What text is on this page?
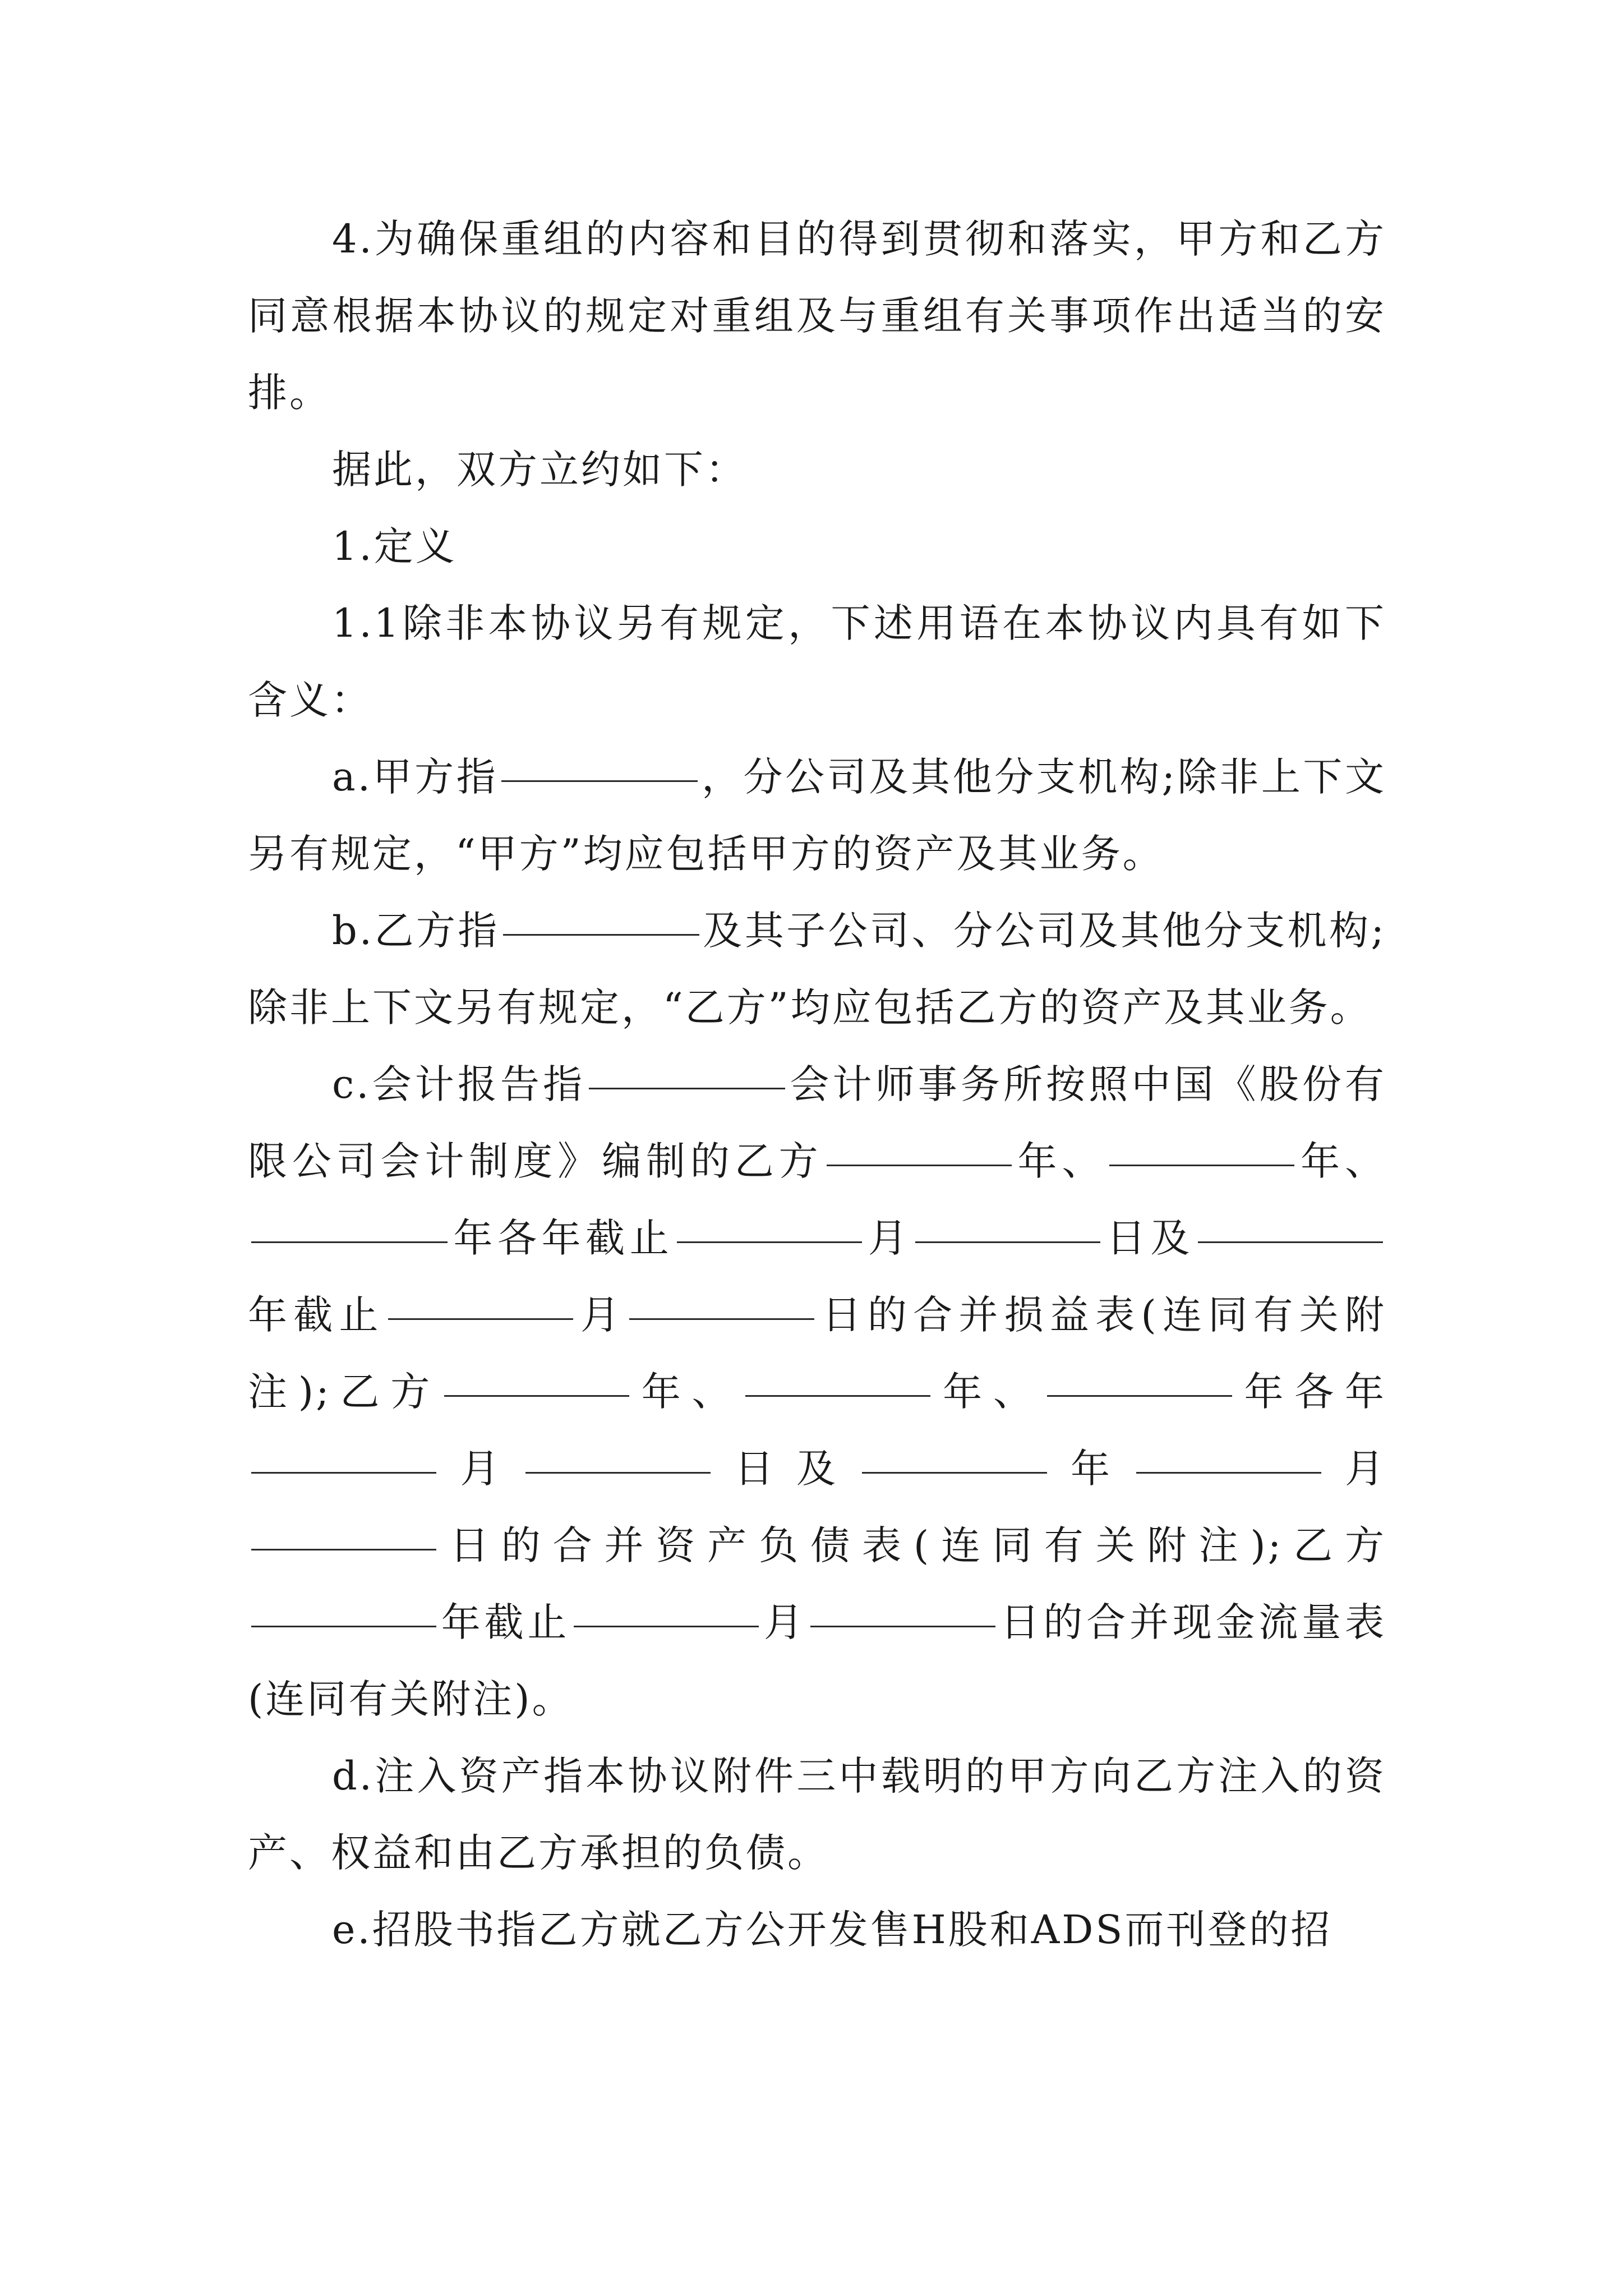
4.为确保重组的内容和目的得到贯彻和落实，甲方和乙方同意根据本协议的规定对重组及与重组有关事项作出适当的安排。

据此，双方立约如下：

1.定义

1.1除非本协议另有规定，下述用语在本协议内具有如下含义：

a.甲方指	，分公司及其他分支机构;除非上下文另有规定，“甲方”均应包括甲方的资产及其业务。

b.乙方指	及其子公司、分公司及其他分支机构;除非上下文另有规定，“乙方”均应包括乙方的资产及其业务。

c.会计报告指	会计师事务所按照中国《股份有限公司会计制度》编制的乙方	年、	年、年各年截止	月	日及年截止	月	日的合并损益表(连同有关附注);乙方	年、	年、	年各年月	日及	年	月日的合并资产负债表(连同有关附注);乙方年截止	月	日的合并现金流量表(连同有关附注)。

d.注入资产指本协议附件三中载明的甲方向乙方注入的资产、权益和由乙方承担的负债。

e.招股书指乙方就乙方公开发售H股和ADS而刊登的招
